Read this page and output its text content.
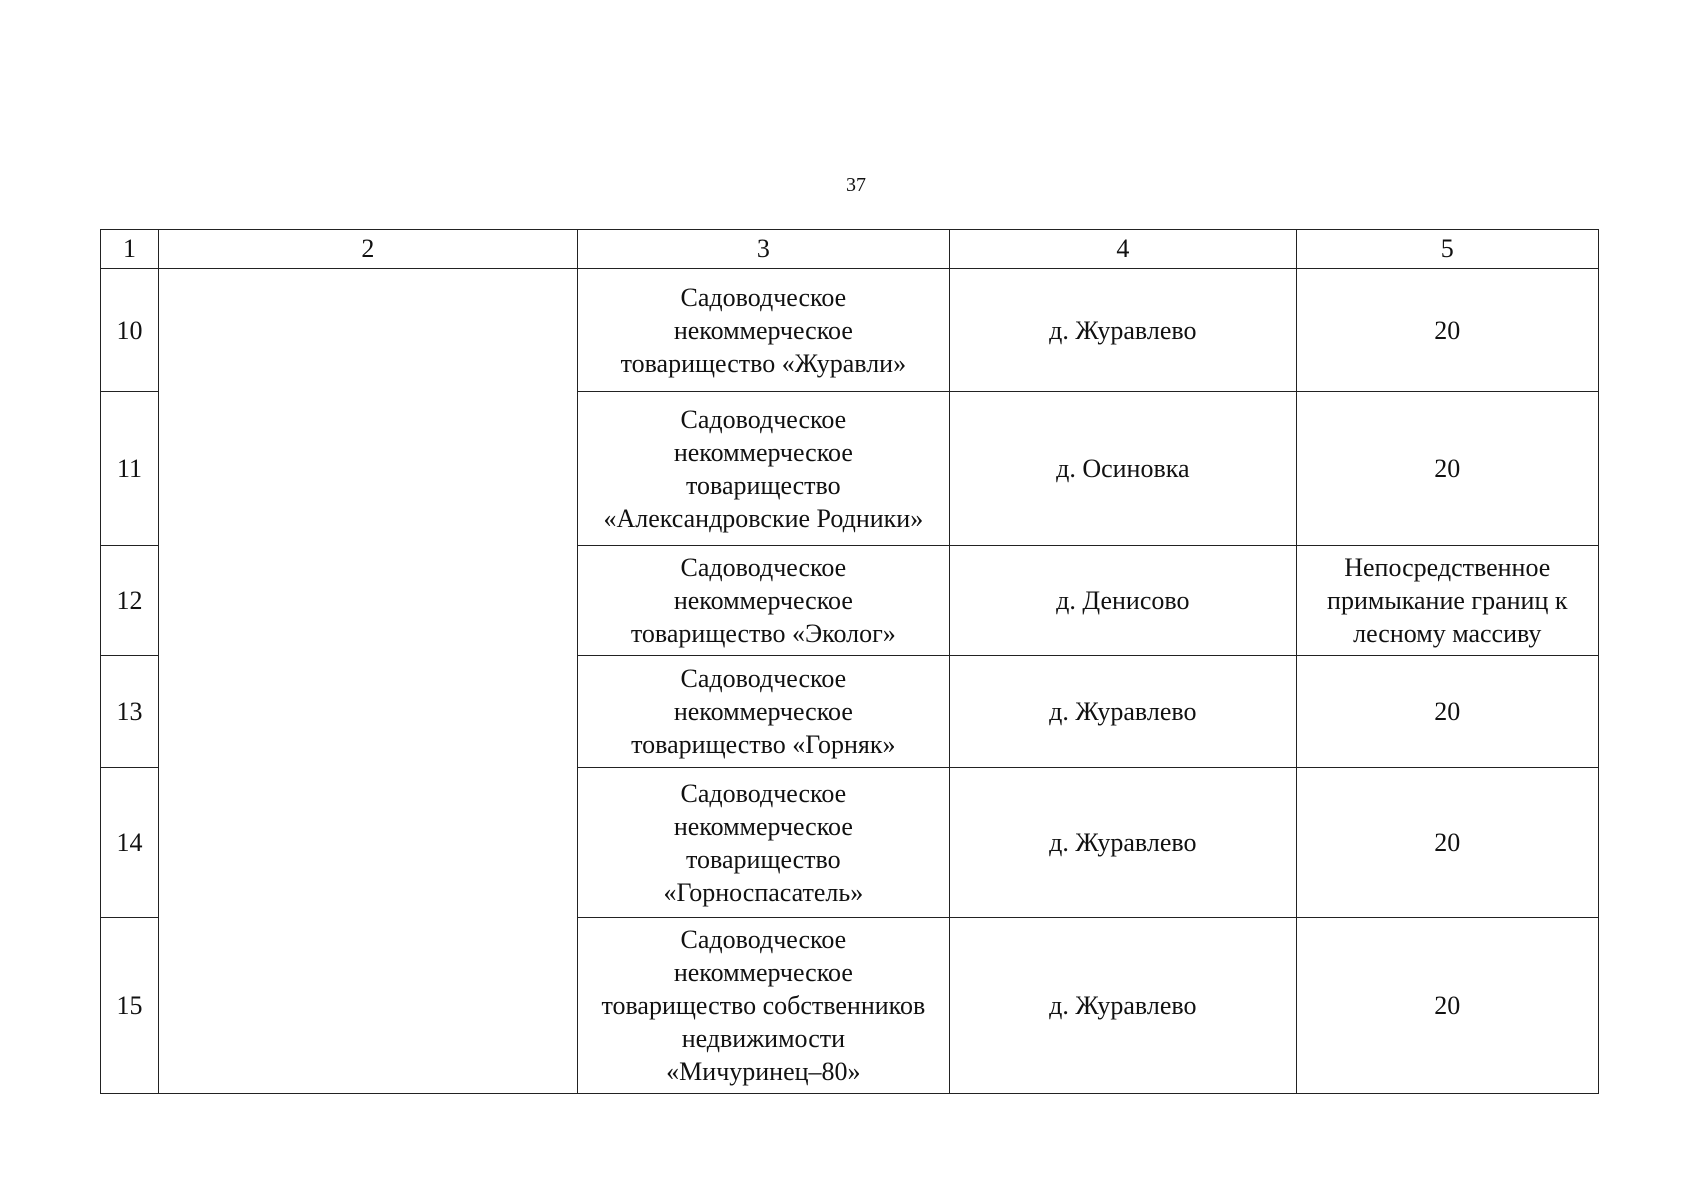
37
1	2	3	4	5
10		Садоводческое
некоммерческое
товарищество «Журавли»	д. Журавлево	20

11		Садоводческое
некоммерческое
товарищество
«Александровские Родники»	д. Осиновка	20

12		Садоводческое
некоммерческое
товарищество «Эколог»	д. Денисово	Непосредственное
примыкание границ к
лесному массиву

13		Садоводческое
некоммерческое
товарищество «Горняк»	д. Журавлево	20

14		Садоводческое
некоммерческое
товарищество
«Горноспасатель»	д. Журавлево	20

15		Садоводческое
некоммерческое
товарищество собственников
недвижимости
«Мичуринец–80»	д. Журавлево	20
